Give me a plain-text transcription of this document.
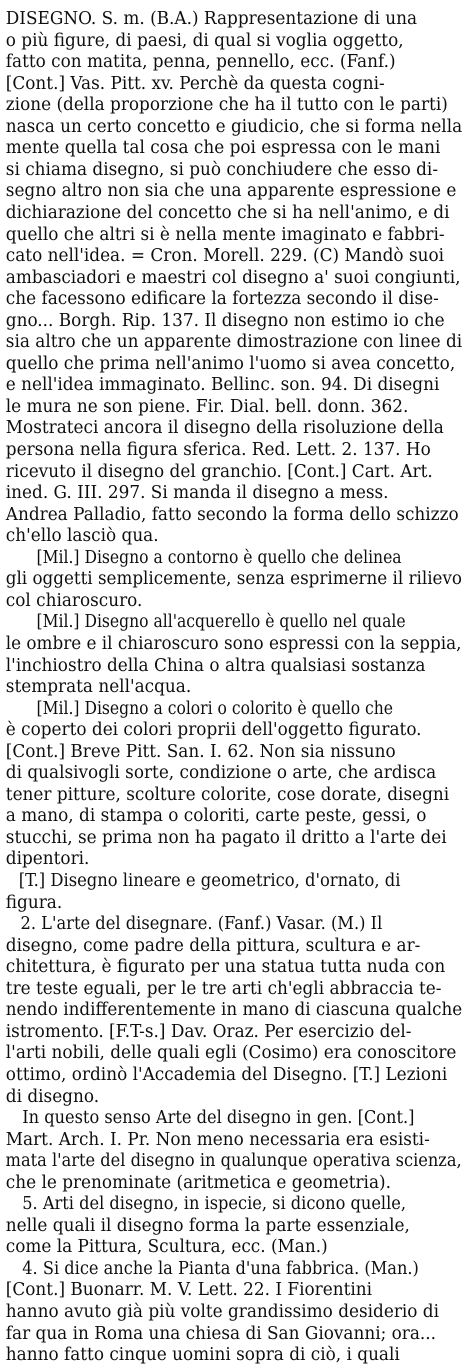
DISEGNO. S. m. (B.A.) Rappresentazione di una
o più figure, di paesi, di qual si voglia oggetto,
fatto con matita, penna, pennello, ecc. (Fanf.)
[Cont.] Vas. Pitt. xv. Perchè da questa cogni-
zione (della proporzione che ha il tutto con le parti)
nasca un certo concetto e giudicio, che si forma nella
mente quella tal cosa che poi espressa con le mani
si chiama disegno, si può conchiudere che esso di-
segno altro non sia che una apparente espressione e
dichiarazione del concetto che si ha nell'animo, e di
quello che altri si è nella mente imaginato e fabbri-
cato nell'idea. = Cron. Morell. 229. (C) Mandò suoi
ambasciadori e maestri col disegno a' suoi congiunti,
che facessono edificare la fortezza secondo il dise-
gno... Borgh. Rip. 137. Il disegno non estimo io che
sia altro che un apparente dimostrazione con linee di
quello che prima nell'animo l'uomo si avea concetto,
e nell'idea immaginato. Bellinc. son. 94. Di disegni
le mura ne son piene. Fir. Dial. bell. donn. 362.
Mostrateci ancora il disegno della risoluzione della
persona nella figura sferica. Red. Lett. 2. 137. Ho
ricevuto il disegno del granchio. [Cont.] Cart. Art.
ined. G. III. 297. Si manda il disegno a mess.
Andrea Palladio, fatto secondo la forma dello schizzo
ch'ello lasciò qua.
[Mil.] Disegno a contorno è quello che delinea
gli oggetti semplicemente, senza esprimerne il rilievo
col chiaroscuro.
[Mil.] Disegno all'acquerello è quello nel quale
le ombre e il chiaroscuro sono espressi con la seppia,
l'inchiostro della China o altra qualsiasi sostanza
stemprata nell'acqua.
[Mil.] Disegno a colori o colorito è quello che
è coperto dei colori proprii dell'oggetto figurato.
[Cont.] Breve Pitt. San. I. 62. Non sia nissuno
di qualsivogli sorte, condizione o arte, che ardisca
tener pitture, scolture colorite, cose dorate, disegni
a mano, di stampa o coloriti, carte peste, gessi, o
stucchi, se prima non ha pagato il dritto a l'arte dei
dipentori.
[T.] Disegno lineare e geometrico, d'ornato, di
figura.
2. L'arte del disegnare. (Fanf.) Vasar. (M.) Il
disegno, come padre della pittura, scultura e ar-
chitettura, è figurato per una statua tutta nuda con
tre teste eguali, per le tre arti ch'egli abbraccia te-
nendo indifferentemente in mano di ciascuna qualche
istromento. [F.T-s.] Dav. Oraz. Per esercizio del-
l'arti nobili, delle quali egli (Cosimo) era conoscitore
ottimo, ordinò l'Accademia del Disegno. [T.] Lezioni
di disegno.
In questo senso Arte del disegno in gen. [Cont.]
Mart. Arch. I. Pr. Non meno necessaria era esisti-
mata l'arte del disegno in qualunque operativa scienza,
che le prenominate (aritmetica e geometria).
5. Arti del disegno, in ispecie, si dicono quelle,
nelle quali il disegno forma la parte essenziale,
come la Pittura, Scultura, ecc. (Man.)
4. Si dice anche la Pianta d'una fabbrica. (Man.)
[Cont.] Buonarr. M. V. Lett. 22. I Fiorentini
hanno avuto già più volte grandissimo desiderio di
far qua in Roma una chiesa di San Giovanni; ora...
hanno fatto cinque uomini sopra di ciò, i quali
